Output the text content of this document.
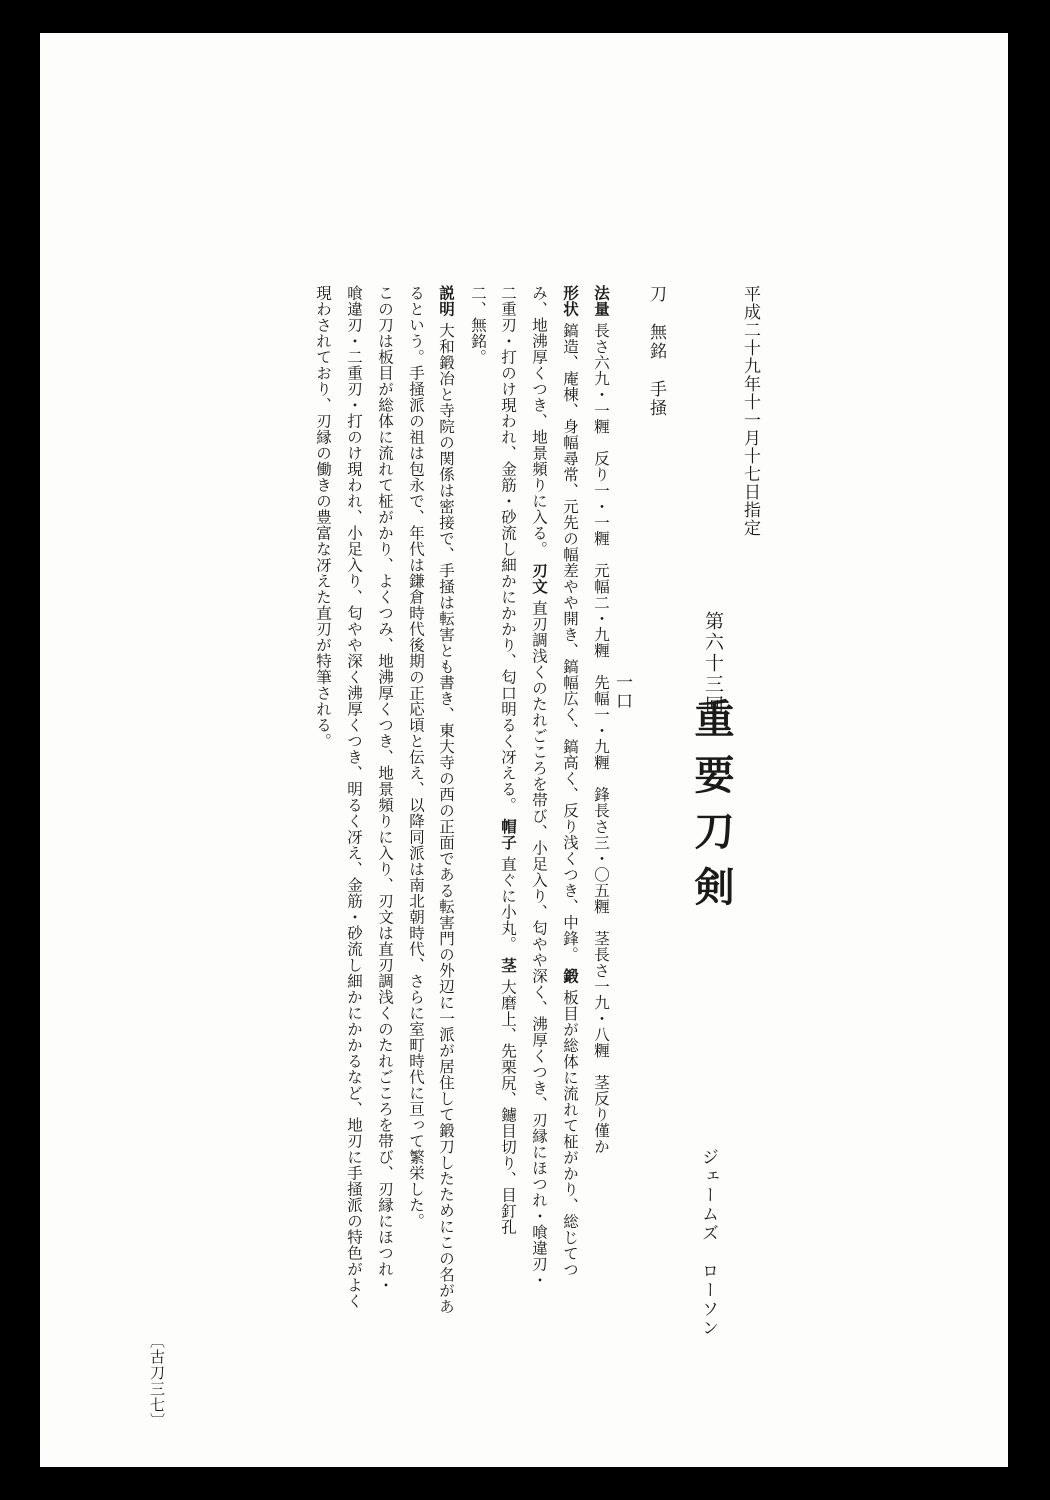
平成二十九年十一月十七日指定
第六十三回
重要刀剣
ジェームズ　ローソン
刀　無銘　手掻
一口
法量 長さ六九・一糎　反り一・一糎　元幅二・九糎　先幅一・九糎　鋒長さ三・〇五糎　茎長さ一九・八糎　茎反り僅か
形状 鎬造、庵棟、身幅尋常、元先の幅差やや開き、鎬幅広く、鎬高く、反り浅くつき、中鋒。 鍛 板目が総体に流れて柾がかり、総じてつ
み、地沸厚くつき、地景頻りに入る。 刃文 直刃調浅くのたれごころを帯び、小足入り、匂やや深く、沸厚くつき、刃縁にほつれ・喰違刃・
二重刃・打のけ現われ、金筋・砂流し細かにかかり、匂口明るく冴える。 帽子 直ぐに小丸。 茎 大磨上、先栗尻、鑢目切り、目釘孔
二、無銘。
説明 大和鍛冶と寺院の関係は密接で、手掻は転害とも書き、東大寺の西の正面である転害門の外辺に一派が居住して鍛刀したためにこの名があ
るという。手掻派の祖は包永で、年代は鎌倉時代後期の正応頃と伝え、以降同派は南北朝時代、さらに室町時代に亘って繁栄した。
この刀は板目が総体に流れて柾がかり、よくつみ、地沸厚くつき、地景頻りに入り、刃文は直刃調浅くのたれごころを帯び、刃縁にほつれ・
喰違刃・二重刃・打のけ現われ、小足入り、匂やや深く沸厚くつき、明るく冴え、金筋・砂流し細かにかかるなど、地刃に手掻派の特色がよく
現わされており、刃縁の働きの豊富な冴えた直刃が特筆される。
〔古刀三七〕
